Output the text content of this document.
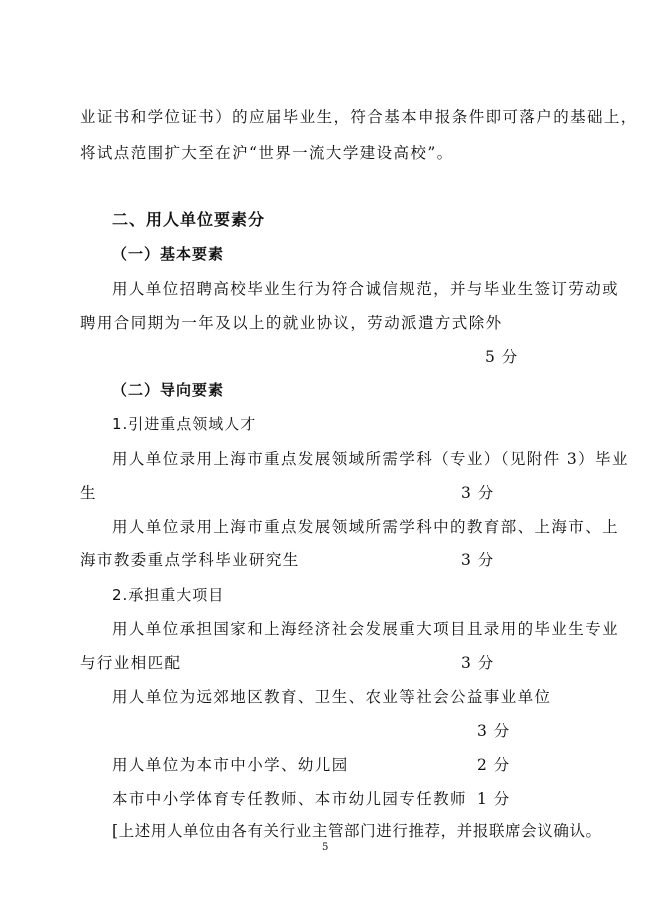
业证书和学位证书）的应届毕业生，符合基本申报条件即可落户的基础上，
将试点范围扩大至在沪“世界一流大学建设高校”。
二、用人单位要素分
（一）基本要素
用人单位招聘高校毕业生行为符合诚信规范，并与毕业生签订劳动或
聘用合同期为一年及以上的就业协议，劳动派遣方式除外
5 分
（二）导向要素
1.引进重点领域人才
用人单位录用上海市重点发展领域所需学科（专业）（见附件 3）毕业
生	3 分
用人单位录用上海市重点发展领域所需学科中的教育部、上海市、上
海市教委重点学科毕业研究生	3 分
2.承担重大项目
用人单位承担国家和上海经济社会发展重大项目且录用的毕业生专业
与行业相匹配	3 分
用人单位为远郊地区教育、卫生、农业等社会公益事业单位
3 分
用人单位为本市中小学、幼儿园	2 分
本市中小学体育专任教师、本市幼儿园专任教师 1 分
[上述用人单位由各有关行业主管部门进行推荐，并报联席会议确认。
5
